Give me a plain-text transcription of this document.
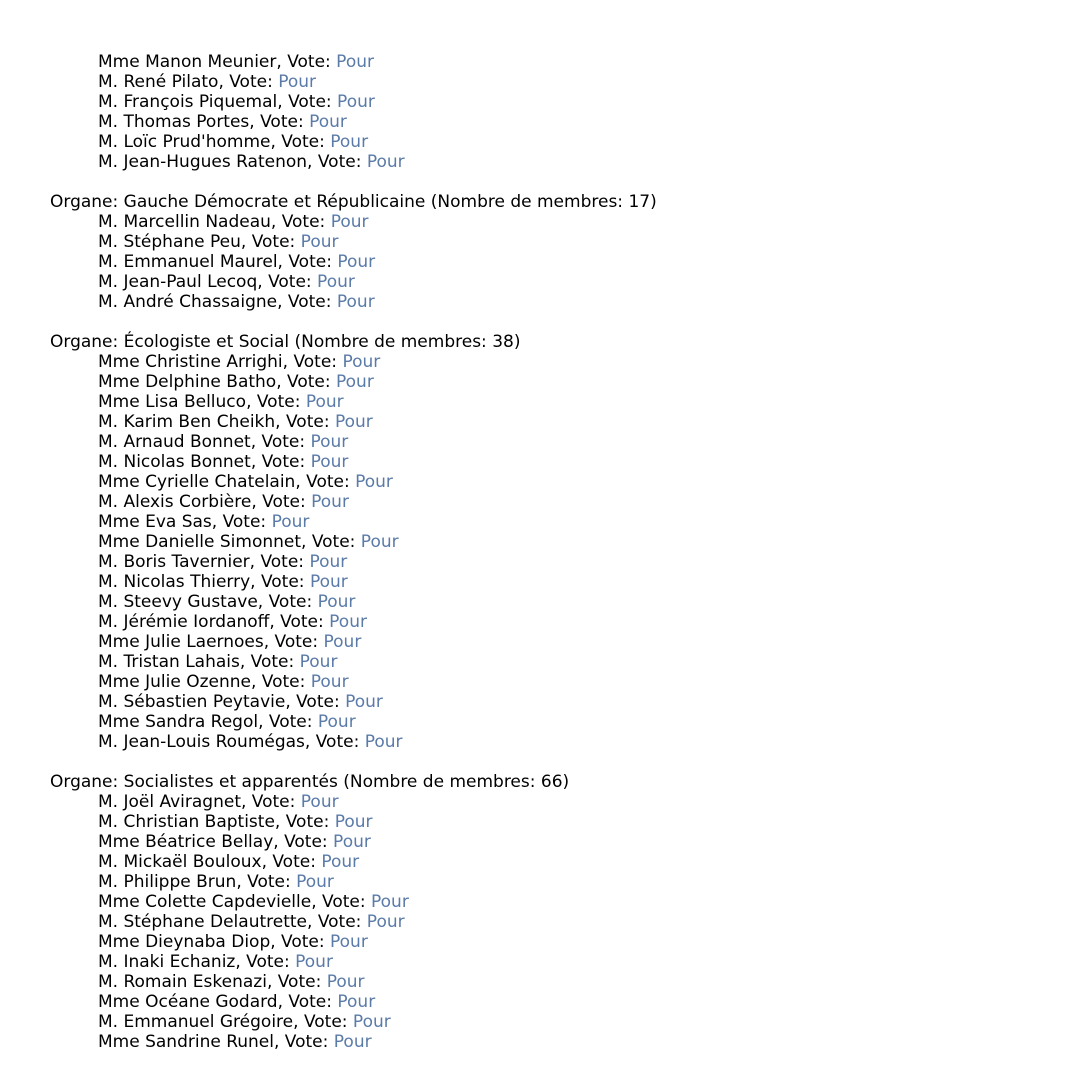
Mme Manon Meunier, Vote: Pour
M. René Pilato, Vote: Pour
M. François Piquemal, Vote: Pour
M. Thomas Portes, Vote: Pour
M. Loïc Prud'homme, Vote: Pour
M. Jean-Hugues Ratenon, Vote: Pour
Organe: Gauche Démocrate et Républicaine (Nombre de membres: 17)
M. Marcellin Nadeau, Vote: Pour
M. Stéphane Peu, Vote: Pour
M. Emmanuel Maurel, Vote: Pour
M. Jean-Paul Lecoq, Vote: Pour
M. André Chassaigne, Vote: Pour
Organe: Écologiste et Social (Nombre de membres: 38)
Mme Christine Arrighi, Vote: Pour
Mme Delphine Batho, Vote: Pour
Mme Lisa Belluco, Vote: Pour
M. Karim Ben Cheikh, Vote: Pour
M. Arnaud Bonnet, Vote: Pour
M. Nicolas Bonnet, Vote: Pour
Mme Cyrielle Chatelain, Vote: Pour
M. Alexis Corbière, Vote: Pour
Mme Eva Sas, Vote: Pour
Mme Danielle Simonnet, Vote: Pour
M. Boris Tavernier, Vote: Pour
M. Nicolas Thierry, Vote: Pour
M. Steevy Gustave, Vote: Pour
M. Jérémie Iordanoff, Vote: Pour
Mme Julie Laernoes, Vote: Pour
M. Tristan Lahais, Vote: Pour
Mme Julie Ozenne, Vote: Pour
M. Sébastien Peytavie, Vote: Pour
Mme Sandra Regol, Vote: Pour
M. Jean-Louis Roumégas, Vote: Pour
Organe: Socialistes et apparentés (Nombre de membres: 66)
M. Joël Aviragnet, Vote: Pour
M. Christian Baptiste, Vote: Pour
Mme Béatrice Bellay, Vote: Pour
M. Mickaël Bouloux, Vote: Pour
M. Philippe Brun, Vote: Pour
Mme Colette Capdevielle, Vote: Pour
M. Stéphane Delautrette, Vote: Pour
Mme Dieynaba Diop, Vote: Pour
M. Inaki Echaniz, Vote: Pour
M. Romain Eskenazi, Vote: Pour
Mme Océane Godard, Vote: Pour
M. Emmanuel Grégoire, Vote: Pour
Mme Sandrine Runel, Vote: Pour
